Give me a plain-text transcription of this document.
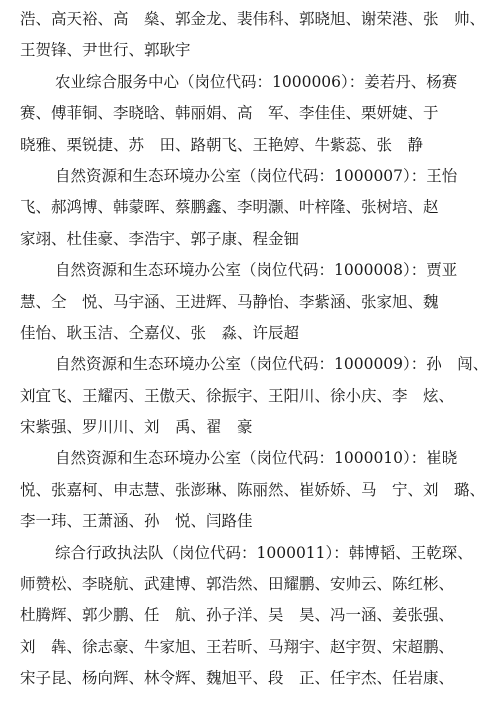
浩、高天裕、高　燊、郭金龙、裴伟科、郭晓旭、谢荣港、张　帅、
王贺锋、尹世行、郭耿宇
农业综合服务中心（岗位代码：1000006）：姜若丹、杨赛
赛、傅菲铜、李晓晗、韩丽娟、高　军、李佳佳、栗妍婕、于
晓雅、栗锐捷、苏　田、路朝飞、王艳婷、牛紫蕊、张　静
自然资源和生态环境办公室（岗位代码：1000007）：王怡
飞、郝鸿博、韩蒙晖、蔡鹏鑫、李明灏、叶梓隆、张树培、赵
家翊、杜佳豪、李浩宇、郭子康、程金钿
自然资源和生态环境办公室（岗位代码：1000008）：贾亚
慧、仝　悦、马宇涵、王进辉、马静怡、李紫涵、张家旭、魏
佳怡、耿玉洁、仝嘉仪、张　淼、许辰超
自然资源和生态环境办公室（岗位代码：1000009）：孙　闯、
刘宜飞、王耀丙、王傲天、徐振宇、王阳川、徐小庆、李　炫、
宋紫强、罗川川、刘　禹、翟　豪
自然资源和生态环境办公室（岗位代码：1000010）：崔晓
悦、张嘉柯、申志慧、张澎琳、陈丽然、崔娇娇、马　宁、刘　璐、
李一玮、王萧涵、孙　悦、闫路佳
综合行政执法队（岗位代码：1000011）：韩博韬、王乾琛、
师赞松、李晓航、武建博、郭浩然、田耀鹏、安帅云、陈红彬、
杜腾辉、郭少鹏、任　航、孙子洋、吴　昊、冯一涵、姜张强、
刘　犇、徐志豪、牛家旭、王若昕、马翔宇、赵宇贺、宋超鹏、
宋子昆、杨向辉、林令辉、魏旭平、段　正、任宇杰、任岩康、
